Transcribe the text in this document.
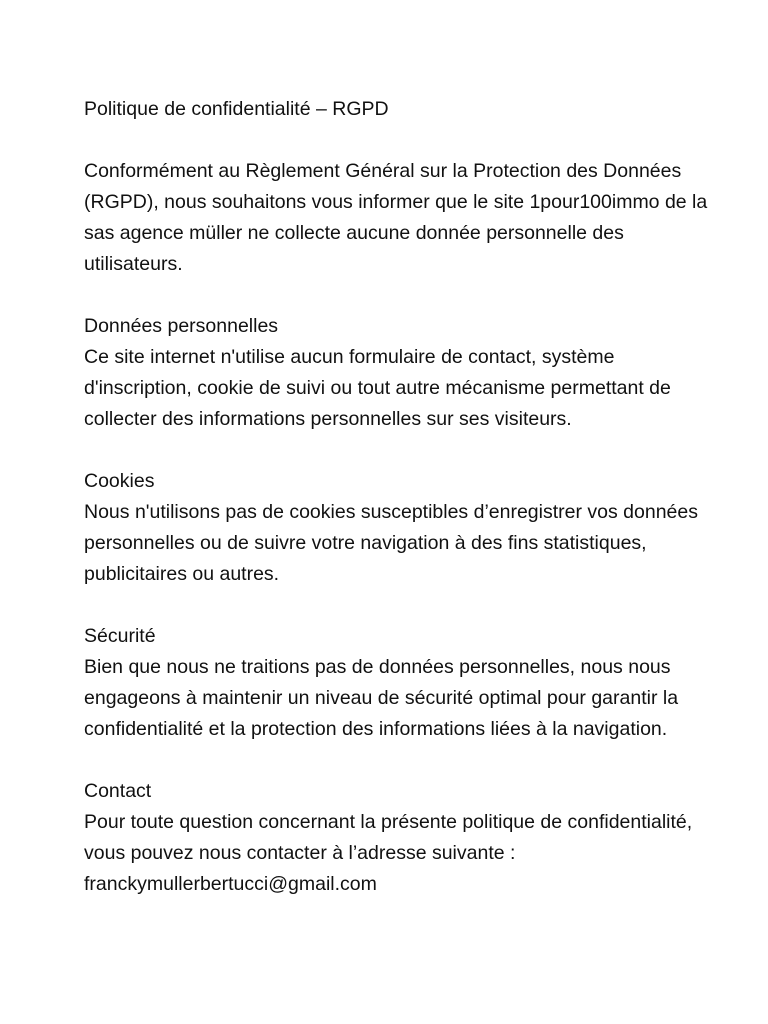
Politique de confidentialité – RGPD

Conformément au Règlement Général sur la Protection des Données (RGPD), nous souhaitons vous informer que le site 1pour100immo de la sas agence müller ne collecte aucune donnée personnelle des utilisateurs.

Données personnelles

Ce site internet n'utilise aucun formulaire de contact, système d'inscription, cookie de suivi ou tout autre mécanisme permettant de collecter des informations personnelles sur ses visiteurs.

Cookies

Nous n'utilisons pas de cookies susceptibles d’enregistrer vos données personnelles ou de suivre votre navigation à des fins statistiques, publicitaires ou autres.

Sécurité

Bien que nous ne traitions pas de données personnelles, nous nous engageons à maintenir un niveau de sécurité optimal pour garantir la confidentialité et la protection des informations liées à la navigation.

Contact

Pour toute question concernant la présente politique de confidentialité, vous pouvez nous contacter à l’adresse suivante :

franckymullerbertucci@gmail.com
